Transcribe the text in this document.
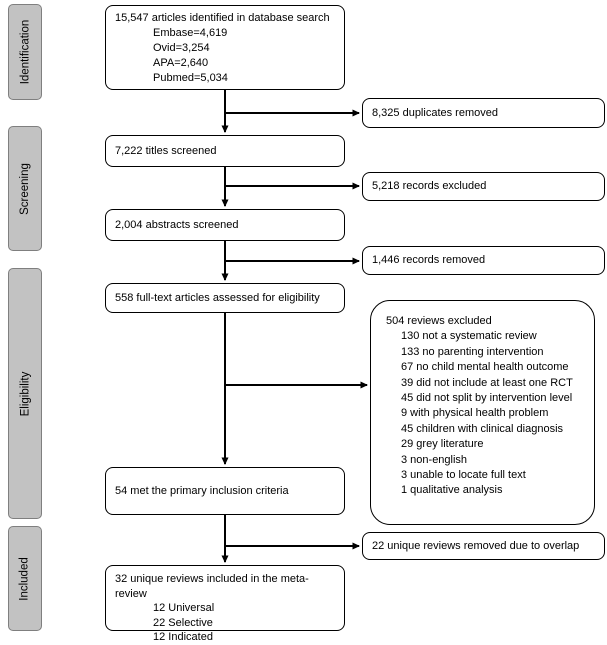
Identification
Screening
Eligibility
Included
15,547 articles identified in database search
Embase=4,619
Ovid=3,254
APA=2,640
Pubmed=5,034
7,222 titles screened
2,004 abstracts screened
558 full-text articles assessed for eligibility
54 met the primary inclusion criteria
32 unique reviews included in the meta-review
12 Universal
22 Selective
12 Indicated
8,325 duplicates removed
5,218 records excluded
1,446 records removed
504 reviews excluded
130 not a systematic review
133 no parenting intervention
67 no child mental health outcome
39 did not include at least one RCT
45 did not split by intervention level
9 with physical health problem
45 children with clinical diagnosis
29 grey literature
3 non-english
3 unable to locate full text
1 qualitative analysis
22 unique reviews removed due to overlap
